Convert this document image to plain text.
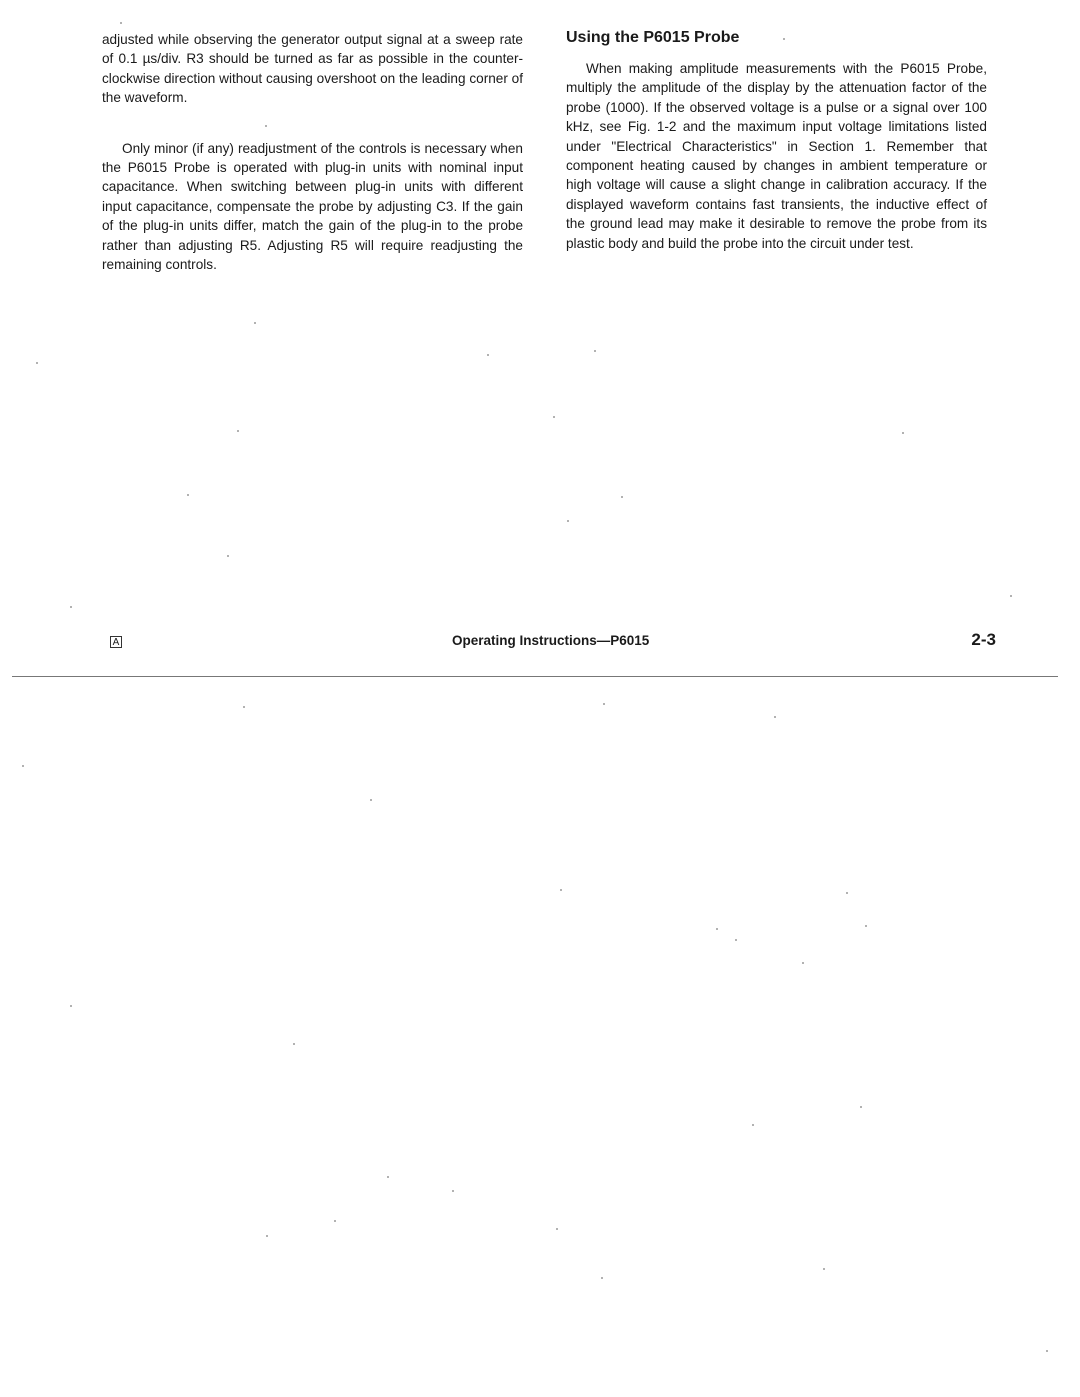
adjusted while observing the generator output signal at a sweep rate of 0.1 µs/div. R3 should be turned as far as possible in the counter-clockwise direction without causing overshoot on the leading corner of the waveform.

Only minor (if any) readjustment of the controls is necessary when the P6015 Probe is operated with plug-in units with nominal input capacitance. When switching between plug-in units with different input capacitance, compensate the probe by adjusting C3. If the gain of the plug-in units differ, match the gain of the plug-in to the probe rather than adjusting R5. Adjusting R5 will require readjusting the remaining controls.

Using the P6015 Probe

When making amplitude measurements with the P6015 Probe, multiply the amplitude of the display by the attenuation factor of the probe (1000). If the observed voltage is a pulse or a signal over 100 kHz, see Fig. 1-2 and the maximum input voltage limitations listed under "Electrical Characteristics" in Section 1. Remember that component heating caused by changes in ambient temperature or high voltage will cause a slight change in calibration accuracy. If the displayed waveform contains fast transients, the inductive effect of the ground lead may make it desirable to remove the probe from its plastic body and build the probe into the circuit under test.

A	Operating Instructions—P6015	2-3
